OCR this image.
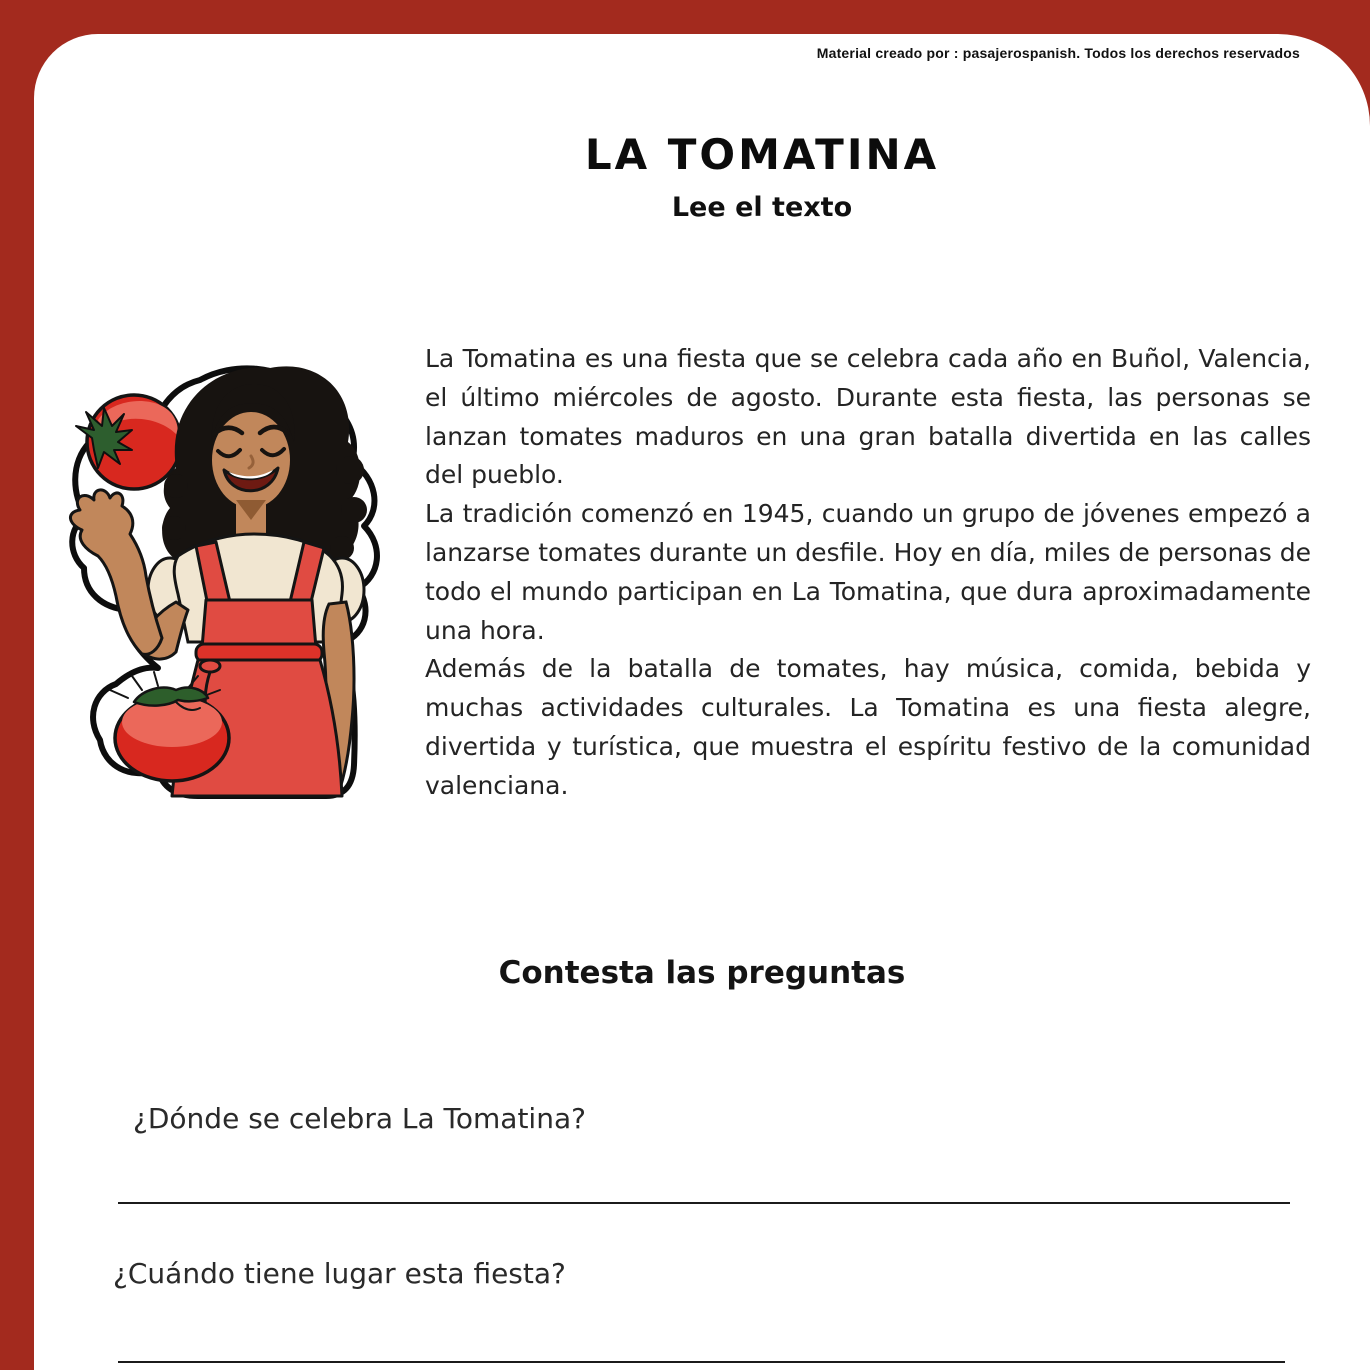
Material creado por : pasajerospanish. Todos los derechos reservados
LA TOMATINA
Lee el texto

La Tomatina es una fiesta que se celebra cada año en Buñol, Valencia, el último miércoles de agosto. Durante esta fiesta, las personas se lanzan tomates maduros en una gran batalla divertida en las calles del pueblo.

La tradición comenzó en 1945, cuando un grupo de jóvenes empezó a lanzarse tomates durante un desfile. Hoy en día, miles de personas de todo el mundo participan en La Tomatina, que dura aproximadamente una hora.

Además de la batalla de tomates, hay música, comida, bebida y muchas actividades culturales. La Tomatina es una fiesta alegre, divertida y turística, que muestra el espíritu festivo de la comunidad valenciana.

Contesta las preguntas
¿Dónde se celebra La Tomatina?
¿Cuándo tiene lugar esta fiesta?
